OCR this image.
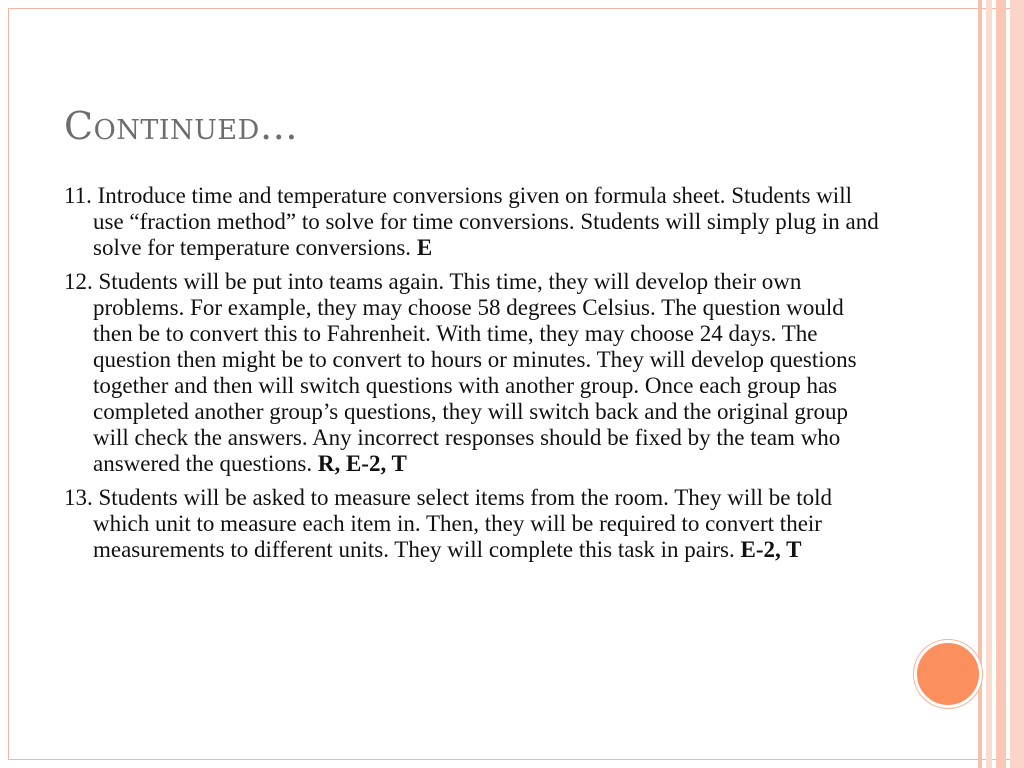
Continued…

11. Introduce time and temperature conversions given on formula sheet. Students will use “fraction method” to solve for time conversions. Students will simply plug in and solve for temperature conversions. E

12. Students will be put into teams again. This time, they will develop their own problems. For example, they may choose 58 degrees Celsius. The question would then be to convert this to Fahrenheit. With time, they may choose 24 days. The question then might be to convert to hours or minutes. They will develop questions together and then will switch questions with another group. Once each group has completed another group’s questions, they will switch back and the original group will check the answers. Any incorrect responses should be fixed by the team who answered the questions. R, E-2, T

13. Students will be asked to measure select items from the room. They will be told which unit to measure each item in. Then, they will be required to convert their measurements to different units. They will complete this task in pairs. E-2, T
